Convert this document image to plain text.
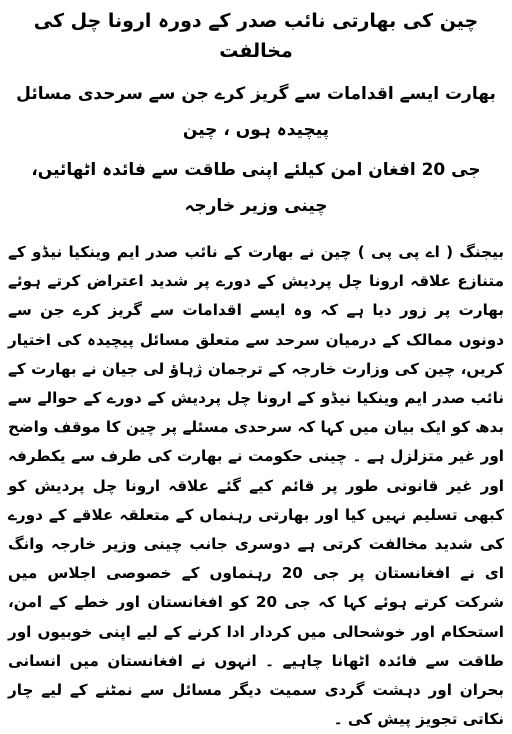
چین کی بھارتی نائب صدر کے دورہ ارونا چل کی مخالفت
بھارت ایسے اقدامات سے گریز کرے جن سے سرحدی مسائل پیچیدہ ہوں ، چین
جی 20 افغان امن کیلئے اپنی طاقت سے فائدہ اٹھائیں، چینی وزیر خارجہ

بیجنگ ( اے پی پی ) چین نے بھارت کے نائب صدر ایم وینکیا نیڈو کے متنازع علاقہ ارونا چل پردیش کے دورے پر شدید اعتراض کرتے ہوئے بھارت پر زور دیا ہے کہ وہ ایسے اقدامات سے گریز کرے جن سے دونوں ممالک کے درمیان سرحد سے متعلق مسائل پیچیدہ کی اختیار کریں، چین کی وزارت خارجہ کے ترجمان ژہاؤ لی جیان نے بھارت کے نائب صدر ایم وینکیا نیڈو کے ارونا چل پردیش کے دورے کے حوالے سے بدھ کو ایک بیان میں کہا کہ سرحدی مسئلے پر چین کا موقف واضح اور غیر متزلزل ہے ۔ چینی حکومت نے بھارت کی طرف سے یکطرفہ اور غیر قانونی طور پر قائم کیے گئے علاقہ ارونا چل پردیش کو کبھی تسلیم نہیں کیا اور بھارتی رہنماں کے متعلقہ علاقے کے دورے کی شدید مخالفت کرتی ہے دوسری جانب چینی وزیر خارجہ وانگ ای نے افغانستان پر جی 20 رہنماوں کے خصوصی اجلاس میں شرکت کرتے ہوئے کہا کہ جی 20 کو افغانستان اور خطے کے امن، استحکام اور خوشحالی میں کردار ادا کرنے کے لیے اپنی خوبیوں اور طاقت سے فائدہ اٹھانا چاہیے ۔ انہوں نے افغانستان میں انسانی بحران اور دہشت گردی سمیت دیگر مسائل سے نمٹنے کے لیے چار نکاتی تجویز پیش کی ۔
